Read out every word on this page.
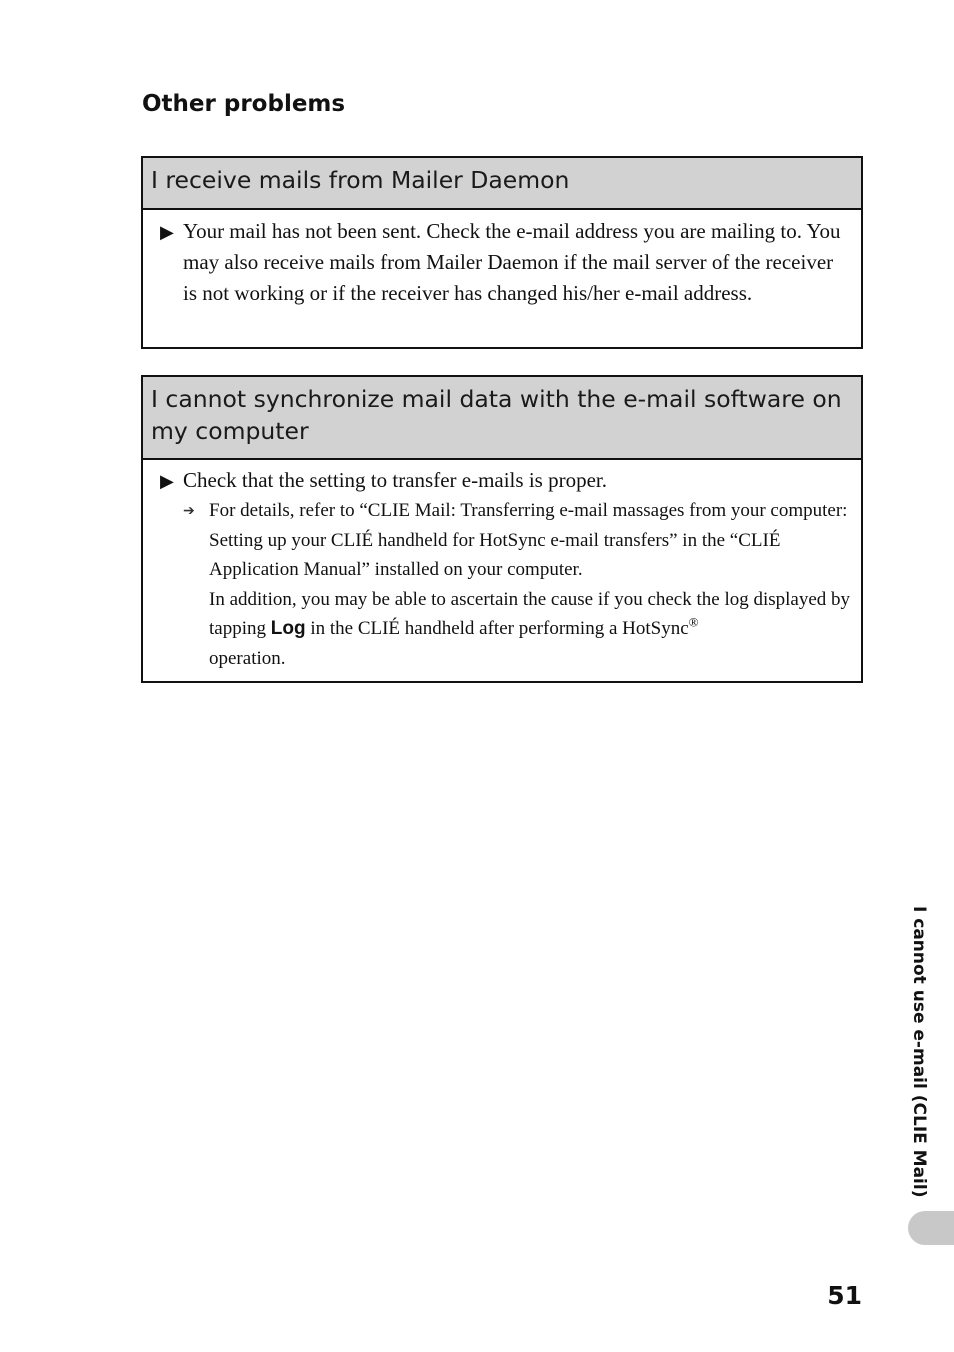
Other problems
I receive mails from Mailer Daemon
▶ Your mail has not been sent. Check the e-mail address you are mailing to. You may also receive mails from Mailer Daemon if the mail server of the receiver is not working or if the receiver has changed his/her e-mail address.

I cannot synchronize mail data with the e-mail software on my computer
▶ Check that the setting to transfer e-mails is proper.

➔ For details, refer to “CLIE Mail: Transferring e-mail massages from your computer: Setting up your CLIÉ handheld for HotSync e-mail transfers” in the “CLIÉ Application Manual” installed on your computer.
In addition, you may be able to ascertain the cause if you check the log displayed by tapping Log in the CLIÉ handheld after performing a HotSync®
operation.

I cannot use e-mail (CLIE Mail)
51
